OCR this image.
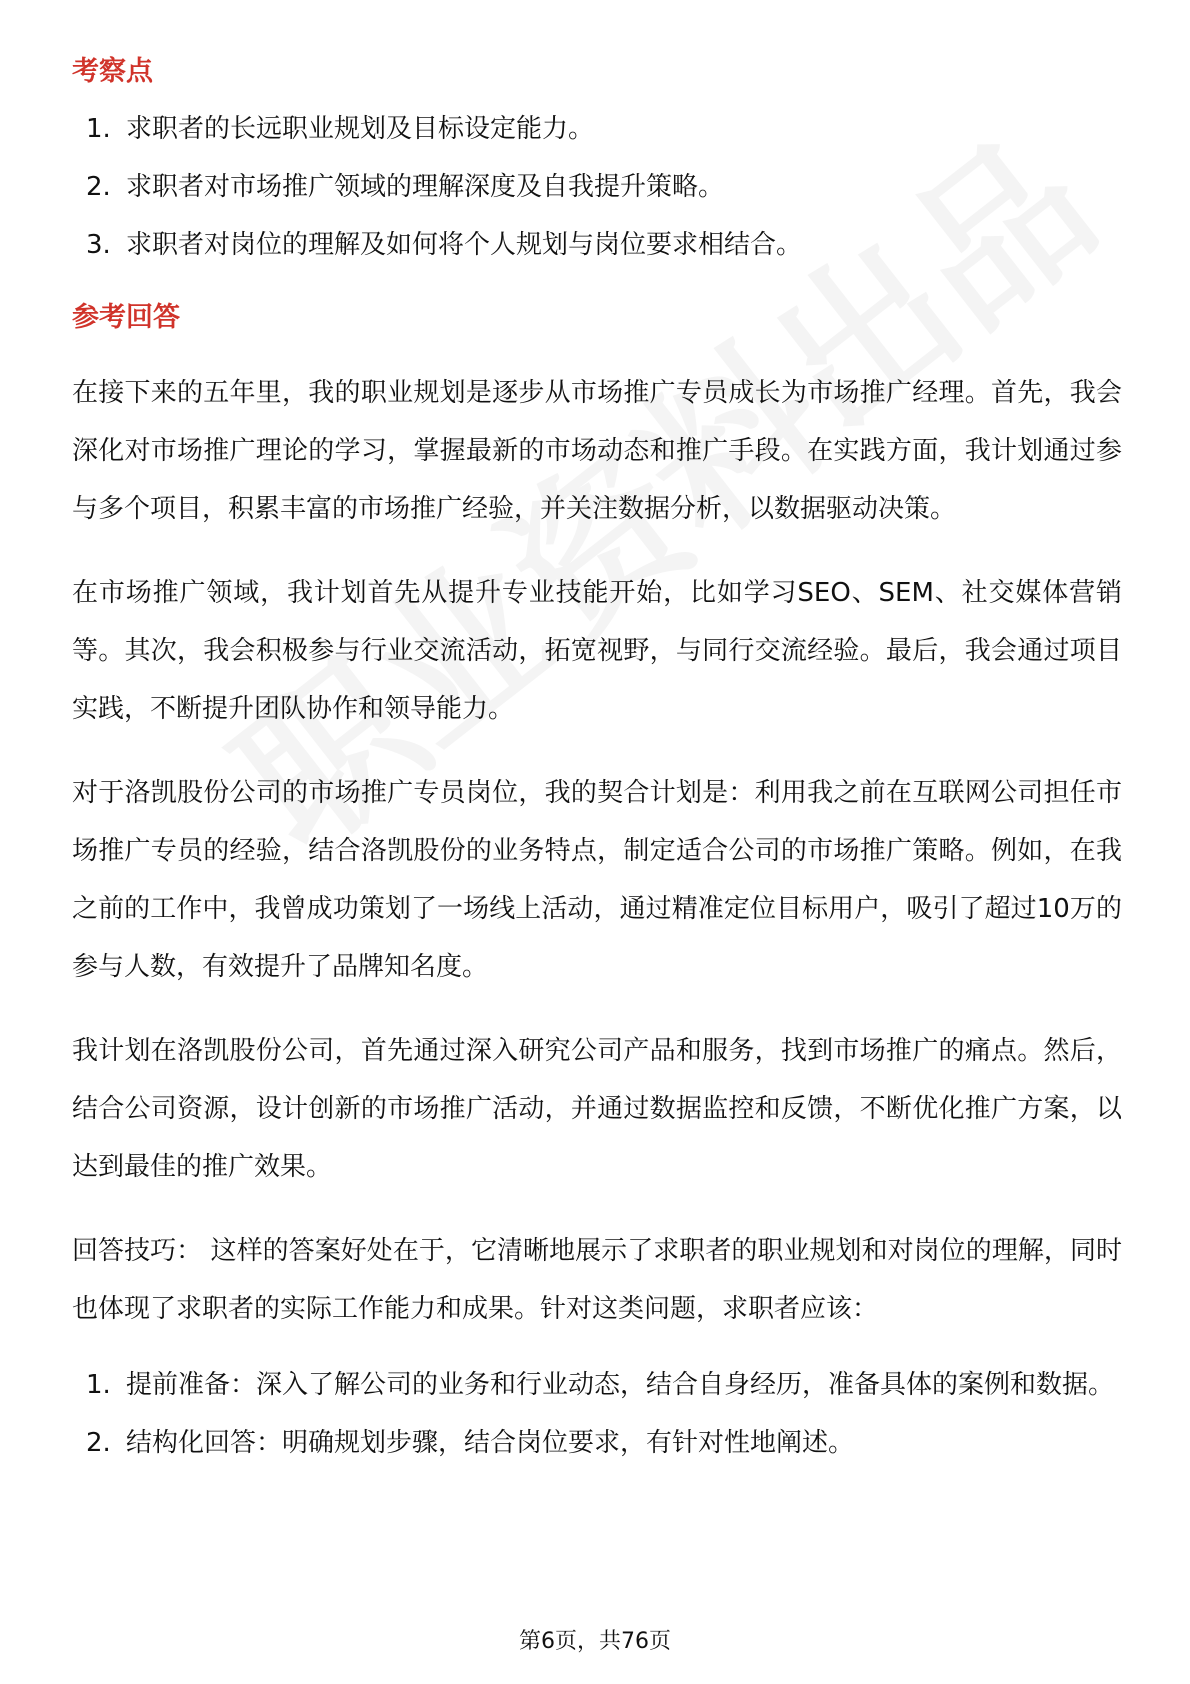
考察点
1. 求职者的长远职业规划及目标设定能力。
2. 求职者对市场推广领域的理解深度及自我提升策略。
3. 求职者对岗位的理解及如何将个人规划与岗位要求相结合。
参考回答

在接下来的五年里，我的职业规划是逐步从市场推广专员成长为市场推广经理。首先，我会深化对市场推广理论的学习，掌握最新的市场动态和推广手段。在实践方面，我计划通过参与多个项目，积累丰富的市场推广经验，并关注数据分析，以数据驱动决策。

在市场推广领域，我计划首先从提升专业技能开始，比如学习SEO、SEM、社交媒体营销等。其次，我会积极参与行业交流活动，拓宽视野，与同行交流经验。最后，我会通过项目实践，不断提升团队协作和领导能力。

对于洛凯股份公司的市场推广专员岗位，我的契合计划是：利用我之前在互联网公司担任市场推广专员的经验，结合洛凯股份的业务特点，制定适合公司的市场推广策略。例如，在我之前的工作中，我曾成功策划了一场线上活动，通过精准定位目标用户，吸引了超过10万的参与人数，有效提升了品牌知名度。

我计划在洛凯股份公司，首先通过深入研究公司产品和服务，找到市场推广的痛点。然后，结合公司资源，设计创新的市场推广活动，并通过数据监控和反馈，不断优化推广方案，以达到最佳的推广效果。

回答技巧： 这样的答案好处在于，它清晰地展示了求职者的职业规划和对岗位的理解，同时也体现了求职者的实际工作能力和成果。针对这类问题，求职者应该：

1. 提前准备：深入了解公司的业务和行业动态，结合自身经历，准备具体的案例和数据。
2. 结构化回答：明确规划步骤，结合岗位要求，有针对性地阐述。
第6页，共76页
